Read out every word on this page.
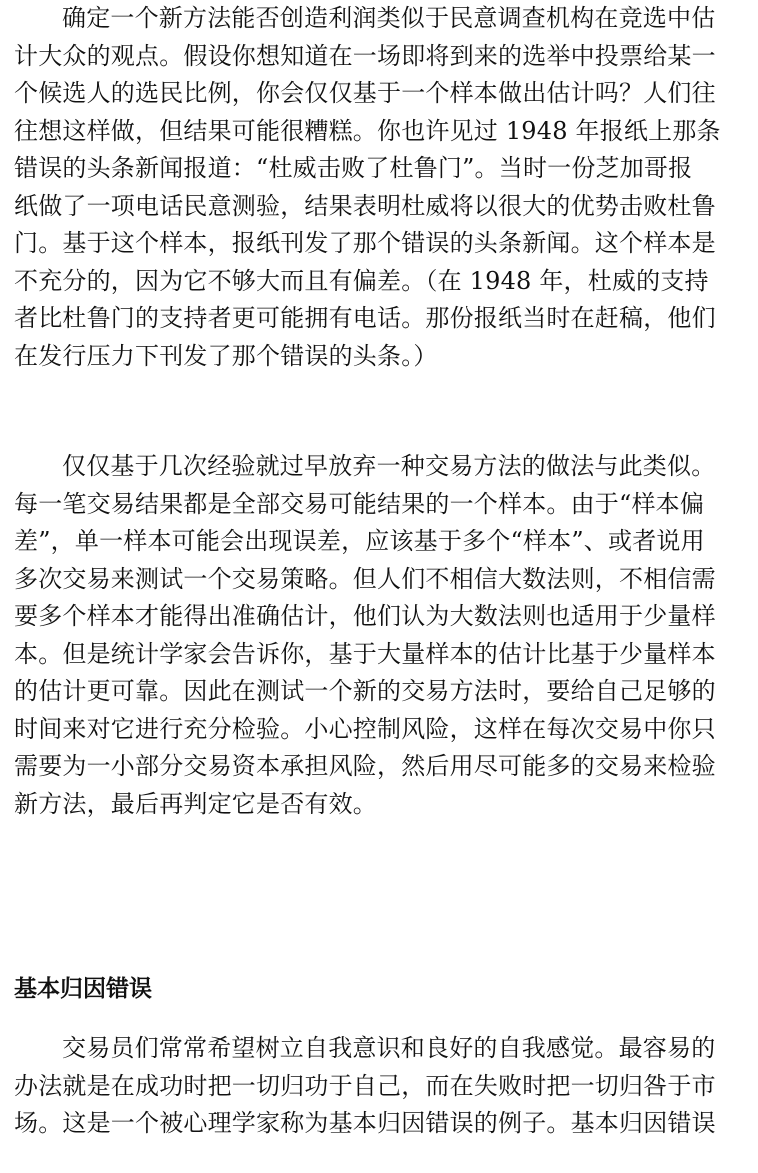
确定一个新方法能否创造利润类似于民意调查机构在竞选中估
计大众的观点。假设你想知道在一场即将到来的选举中投票给某一
个候选人的选民比例，你会仅仅基于一个样本做出估计吗？人们往
往想这样做，但结果可能很糟糕。你也许见过 1948 年报纸上那条
错误的头条新闻报道：“杜威击败了杜鲁门”。当时一份芝加哥报
纸做了一项电话民意测验，结果表明杜威将以很大的优势击败杜鲁
门。基于这个样本，报纸刊发了那个错误的头条新闻。这个样本是
不充分的，因为它不够大而且有偏差。（在 1948 年，杜威的支持
者比杜鲁门的支持者更可能拥有电话。那份报纸当时在赶稿，他们
在发行压力下刊发了那个错误的头条。）
仅仅基于几次经验就过早放弃一种交易方法的做法与此类似。
每一笔交易结果都是全部交易可能结果的一个样本。由于“样本偏
差”，单一样本可能会出现误差，应该基于多个“样本”、或者说用
多次交易来测试一个交易策略。但人们不相信大数法则，不相信需
要多个样本才能得出准确估计，他们认为大数法则也适用于少量样
本。但是统计学家会告诉你，基于大量样本的估计比基于少量样本
的估计更可靠。因此在测试一个新的交易方法时，要给自己足够的
时间来对它进行充分检验。小心控制风险，这样在每次交易中你只
需要为一小部分交易资本承担风险，然后用尽可能多的交易来检验
新方法，最后再判定它是否有效。
基本归因错误
交易员们常常希望树立自我意识和良好的自我感觉。最容易的
办法就是在成功时把一切归功于自己，而在失败时把一切归咎于市
场。这是一个被心理学家称为基本归因错误的例子。基本归因错误
